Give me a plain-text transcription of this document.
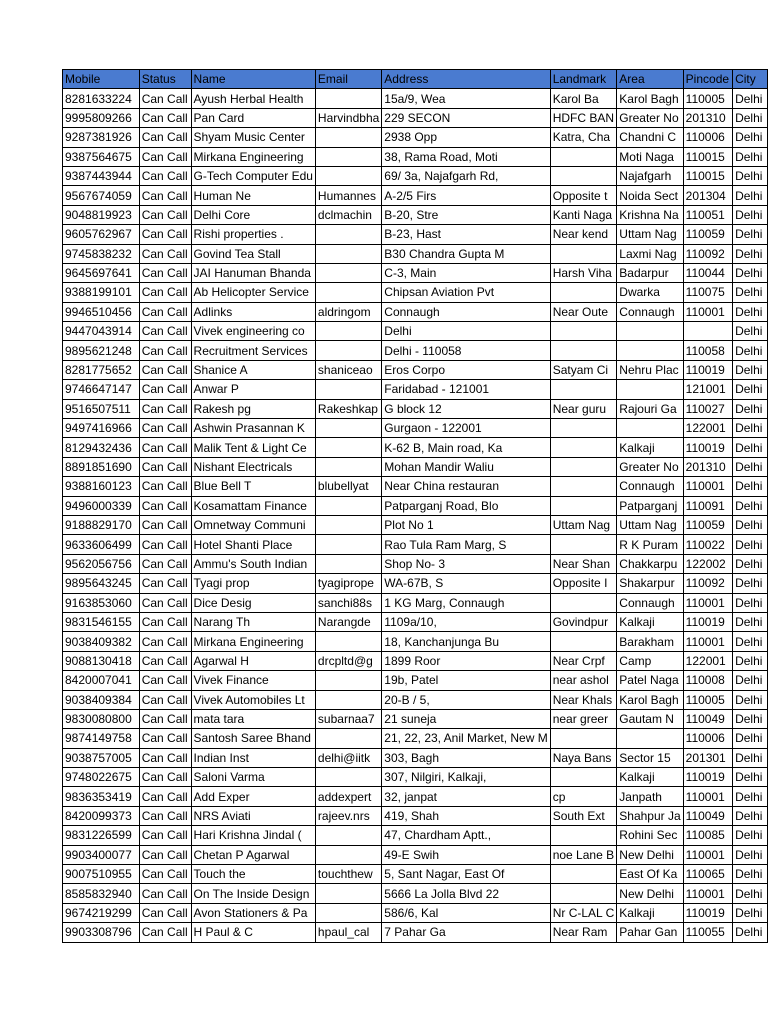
Mobile	Status	Name	Email	Address	Landmark	Area	Pincode	City
8281633224	Can Call	Ayush Herbal Health		15a/9, Wea	Karol Ba	Karol Bagh	110005	Delhi
9995809266	Can Call	Pan Card	Harvindbha	229 SECON	HDFC BAN	Greater No	201310	Delhi
9287381926	Can Call	Shyam Music Center		2938 Opp	Katra, Cha	Chandni C	110006	Delhi
9387564675	Can Call	Mirkana Engineering		38, Rama Road, Moti		Moti Naga	110015	Delhi
9387443944	Can Call	G-Tech Computer Edu		69/ 3a, Najafgarh Rd,		Najafgarh	110015	Delhi
9567674059	Can Call	Human Ne	Humannes	A-2/5 Firs	Opposite t	Noida Sect	201304	Delhi
9048819923	Can Call	Delhi Core	dclmachin	B-20, Stre	Kanti Naga	Krishna Na	110051	Delhi
9605762967	Can Call	Rishi properties .		B-23, Hast	Near kend	Uttam Nag	110059	Delhi
9745838232	Can Call	Govind Tea Stall		B30 Chandra Gupta M		Laxmi Nag	110092	Delhi
9645697641	Can Call	JAI Hanuman Bhanda		C-3, Main	Harsh Viha	Badarpur	110044	Delhi
9388199101	Can Call	Ab Helicopter Service		Chipsan Aviation Pvt		Dwarka	110075	Delhi
9946510456	Can Call	Adlinks	aldringom	Connaugh	Near Oute	Connaugh	110001	Delhi
9447043914	Can Call	Vivek engineering co		Delhi				Delhi
9895621248	Can Call	Recruitment Services		Delhi - 110058			110058	Delhi
8281775652	Can Call	Shanice A	shaniceao	Eros Corpo	Satyam Ci	Nehru Plac	110019	Delhi
9746647147	Can Call	Anwar P		Faridabad - 121001			121001	Delhi
9516507511	Can Call	Rakesh pg	Rakeshkap	G block 12	Near guru	Rajouri Ga	110027	Delhi
9497416966	Can Call	Ashwin Prasannan K		Gurgaon - 122001			122001	Delhi
8129432436	Can Call	Malik Tent & Light Ce		K-62 B, Main road, Ka		Kalkaji	110019	Delhi
8891851690	Can Call	Nishant Electricals		Mohan Mandir Waliu		Greater No	201310	Delhi
9388160123	Can Call	Blue Bell T	blubellyat	Near China restauran		Connaugh	110001	Delhi
9496000339	Can Call	Kosamattam Finance		Patparganj Road, Blo		Patparganj	110091	Delhi
9188829170	Can Call	Omnetway Communi		Plot No 1	Uttam Nag	Uttam Nag	110059	Delhi
9633606499	Can Call	Hotel Shanti Place		Rao Tula Ram Marg, S		R K Puram	110022	Delhi
9562056756	Can Call	Ammu's South Indian		Shop No- 3	Near Shan	Chakkarpu	122002	Delhi
9895643245	Can Call	Tyagi prop	tyagiprope	WA-67B, S	Opposite I	Shakarpur	110092	Delhi
9163853060	Can Call	Dice Desig	sanchi88s	1 KG Marg, Connaugh		Connaugh	110001	Delhi
9831546155	Can Call	Narang Th	Narangde	1109a/10,	Govindpur	Kalkaji	110019	Delhi
9038409382	Can Call	Mirkana Engineering		18, Kanchanjunga Bu		Barakham	110001	Delhi
9088130418	Can Call	Agarwal H	drcpltd@g	1899 Roor	Near Crpf	Camp	122001	Delhi
8420007041	Can Call	Vivek Finance		19b, Patel	near ashol	Patel Naga	110008	Delhi
9038409384	Can Call	Vivek Automobiles Lt		20-B / 5,	Near Khals	Karol Bagh	110005	Delhi
9830080800	Can Call	mata tara	subarnaa7	21 suneja	near greer	Gautam N	110049	Delhi
9874149758	Can Call	Santosh Saree Bhand		21, 22, 23, Anil Market, New M			110006	Delhi
9038757005	Can Call	Indian Inst	delhi@iitk	303, Bagh	Naya Bans	Sector 15	201301	Delhi
9748022675	Can Call	Saloni Varma		307, Nilgiri, Kalkaji,		Kalkaji	110019	Delhi
9836353419	Can Call	Add Exper	addexpert	32, janpat	cp	Janpath	110001	Delhi
8420099373	Can Call	NRS Aviati	rajeev.nrs	419, Shah	South Ext	Shahpur Ja	110049	Delhi
9831226599	Can Call	Hari Krishna Jindal (		47, Chardham Aptt.,		Rohini Sec	110085	Delhi
9903400077	Can Call	Chetan P Agarwal		49-E Swih	noe Lane B	New Delhi	110001	Delhi
9007510955	Can Call	Touch the	touchthew	5, Sant Nagar, East Of		East Of Ka	110065	Delhi
8585832940	Can Call	On The Inside Design		5666 La Jolla Blvd 22		New Delhi	110001	Delhi
9674219299	Can Call	Avon Stationers & Pa		586/6, Kal	Nr C-LAL C	Kalkaji	110019	Delhi
9903308796	Can Call	H Paul & C	hpaul_cal	7 Pahar Ga	Near Ram	Pahar Gan	110055	Delhi
